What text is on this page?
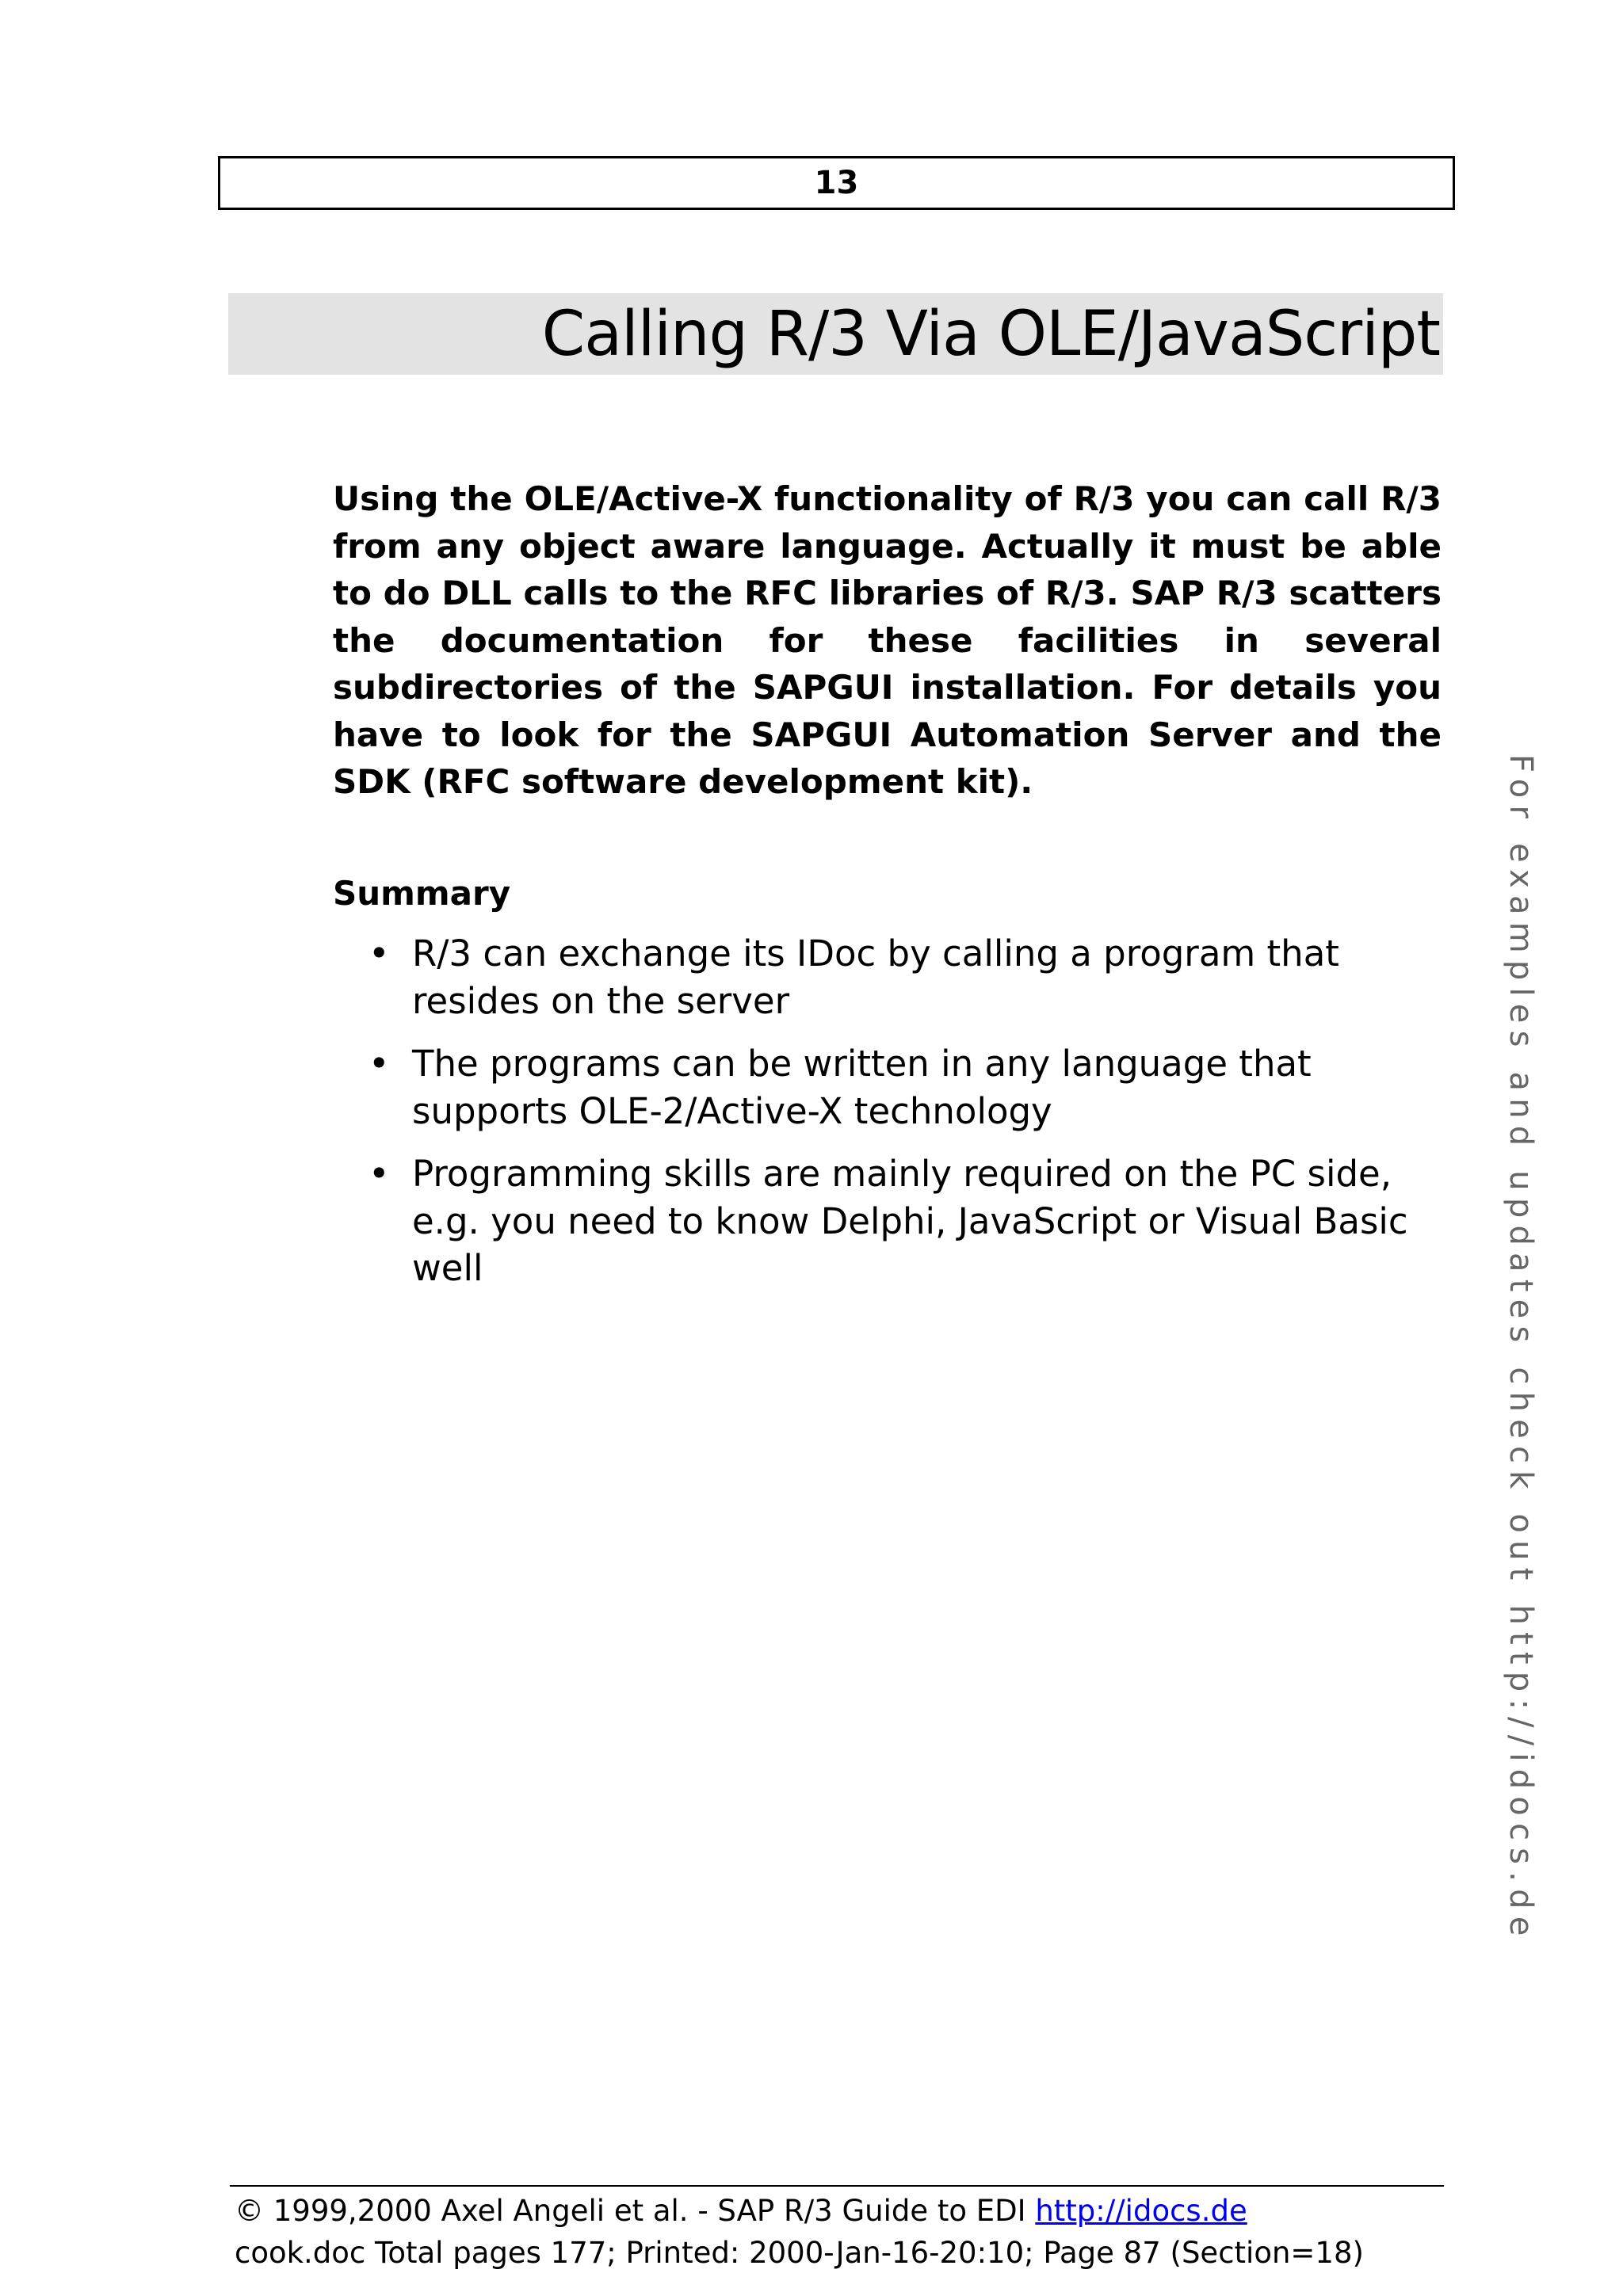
13
Calling R/3 Via OLE/JavaScript

Using the OLE/Active-X functionality of R/3 you can call R/3 from any object aware language. Actually it must be able to do DLL calls to the RFC libraries of R/3. SAP R/3 scatters the documentation for these facilities in several subdirectories of the SAPGUI installation. For details you have to look for the SAPGUI Automation Server and the SDK (RFC software development kit).

Summary
• R/3 can exchange its IDoc by calling a program that resides on the server
• The programs can be written in any language that supports OLE-2/Active-X technology
• Programming skills are mainly required on the PC side, e.g. you need to know Delphi, JavaScript or Visual Basic well	For examples and updates check out http://idocs.de
© 1999,2000 Axel Angeli et al. - SAP R/3 Guide to EDI http://idocs.de
cook.doc Total pages 177; Printed: 2000-Jan-16-20:10; Page 87 (Section=18)
